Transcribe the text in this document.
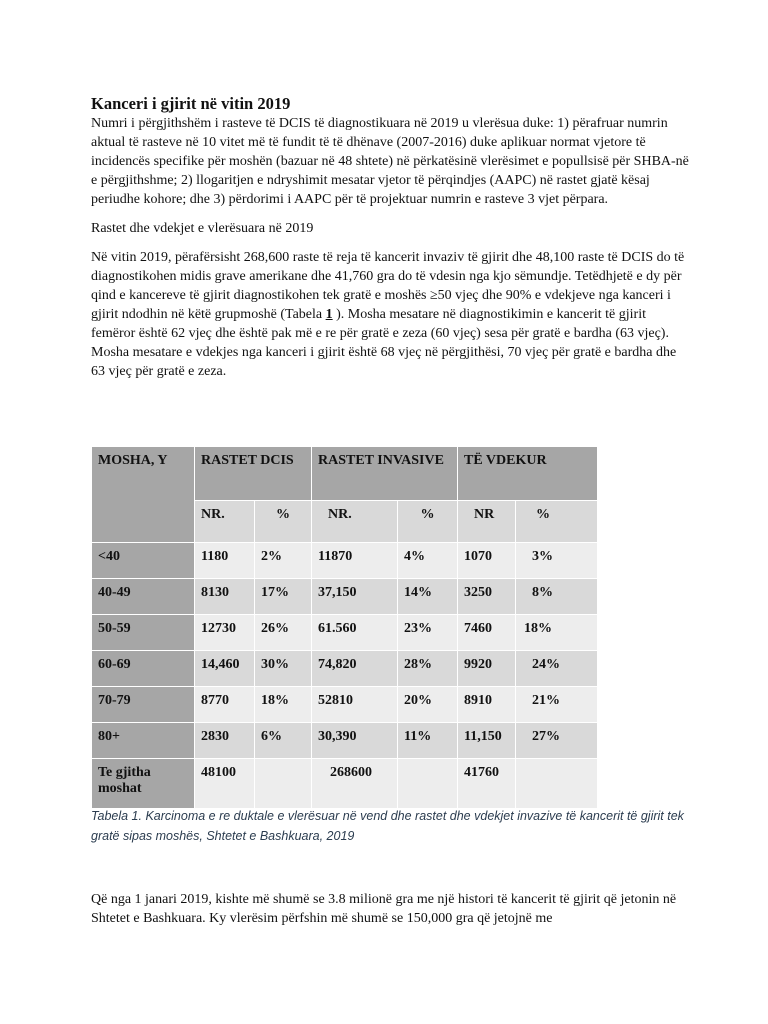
Kanceri i gjirit në vitin 2019

Numri i përgjithshëm i rasteve të DCIS të diagnostikuara në 2019 u vlerësua duke: 1) përafruar numrin aktual të rasteve në 10 vitet më të fundit të të dhënave (2007-2016) duke aplikuar normat vjetore të incidencës specifike për moshën (bazuar në 48 shtete) në përkatësinë vlerësimet e popullsisë për SHBA-në e përgjithshme; 2) llogaritjen e ndryshimit mesatar vjetor të përqindjes (AAPC) në rastet gjatë kësaj periudhe kohore; dhe 3) përdorimi i AAPC për të projektuar numrin e rasteve 3 vjet përpara.

Rastet dhe vdekjet e vlerësuara në 2019

Në vitin 2019, përafërsisht 268,600 raste të reja të kancerit invaziv të gjirit dhe 48,100 raste të DCIS do të diagnostikohen midis grave amerikane dhe 41,760 gra do të vdesin nga kjo sëmundje. Tetëdhjetë e dy për qind e kancereve të gjirit diagnostikohen tek gratë e moshës ≥50 vjeç dhe 90% e vdekjeve nga kanceri i gjirit ndodhin në këtë grupmoshë (Tabela 1 ). Mosha mesatare në diagnostikimin e kancerit të gjirit femëror është 62 vjeç dhe është pak më e re për gratë e zeza (60 vjeç) sesa për gratë e bardha (63 vjeç). Mosha mesatare e vdekjes nga kanceri i gjirit është 68 vjeç në përgjithësi, 70 vjeç për gratë e bardha dhe 63 vjeç për gratë e zeza.

MOSHA, Y	RASTET DCIS		RASTET INVASIVE		TË VDEKUR	
	NR.	%	NR.	%	NR	%
<40	1180	2%	11870	4%	1070	3%
40-49	8130	17%	37,150	14%	3250	8%
50-59	12730	26%	61.560	23%	7460	18%
60-69	14,460	30%	74,820	28%	9920	24%
70-79	8770	18%	52810	20%	8910	21%
80+	2830	6%	30,390	11%	11,150	27%
Te gjitha moshat	48100		268600		41760	
Tabela 1. Karcinoma e re duktale e vlerësuar në vend dhe rastet dhe vdekjet invazive të kancerit të gjirit tek gratë sipas moshës, Shtetet e Bashkuara, 2019

Që nga 1 janari 2019, kishte më shumë se 3.8 milionë gra me një histori të kancerit të gjirit që jetonin në Shtetet e Bashkuara. Ky vlerësim përfshin më shumë se 150,000 gra që jetojnë me
